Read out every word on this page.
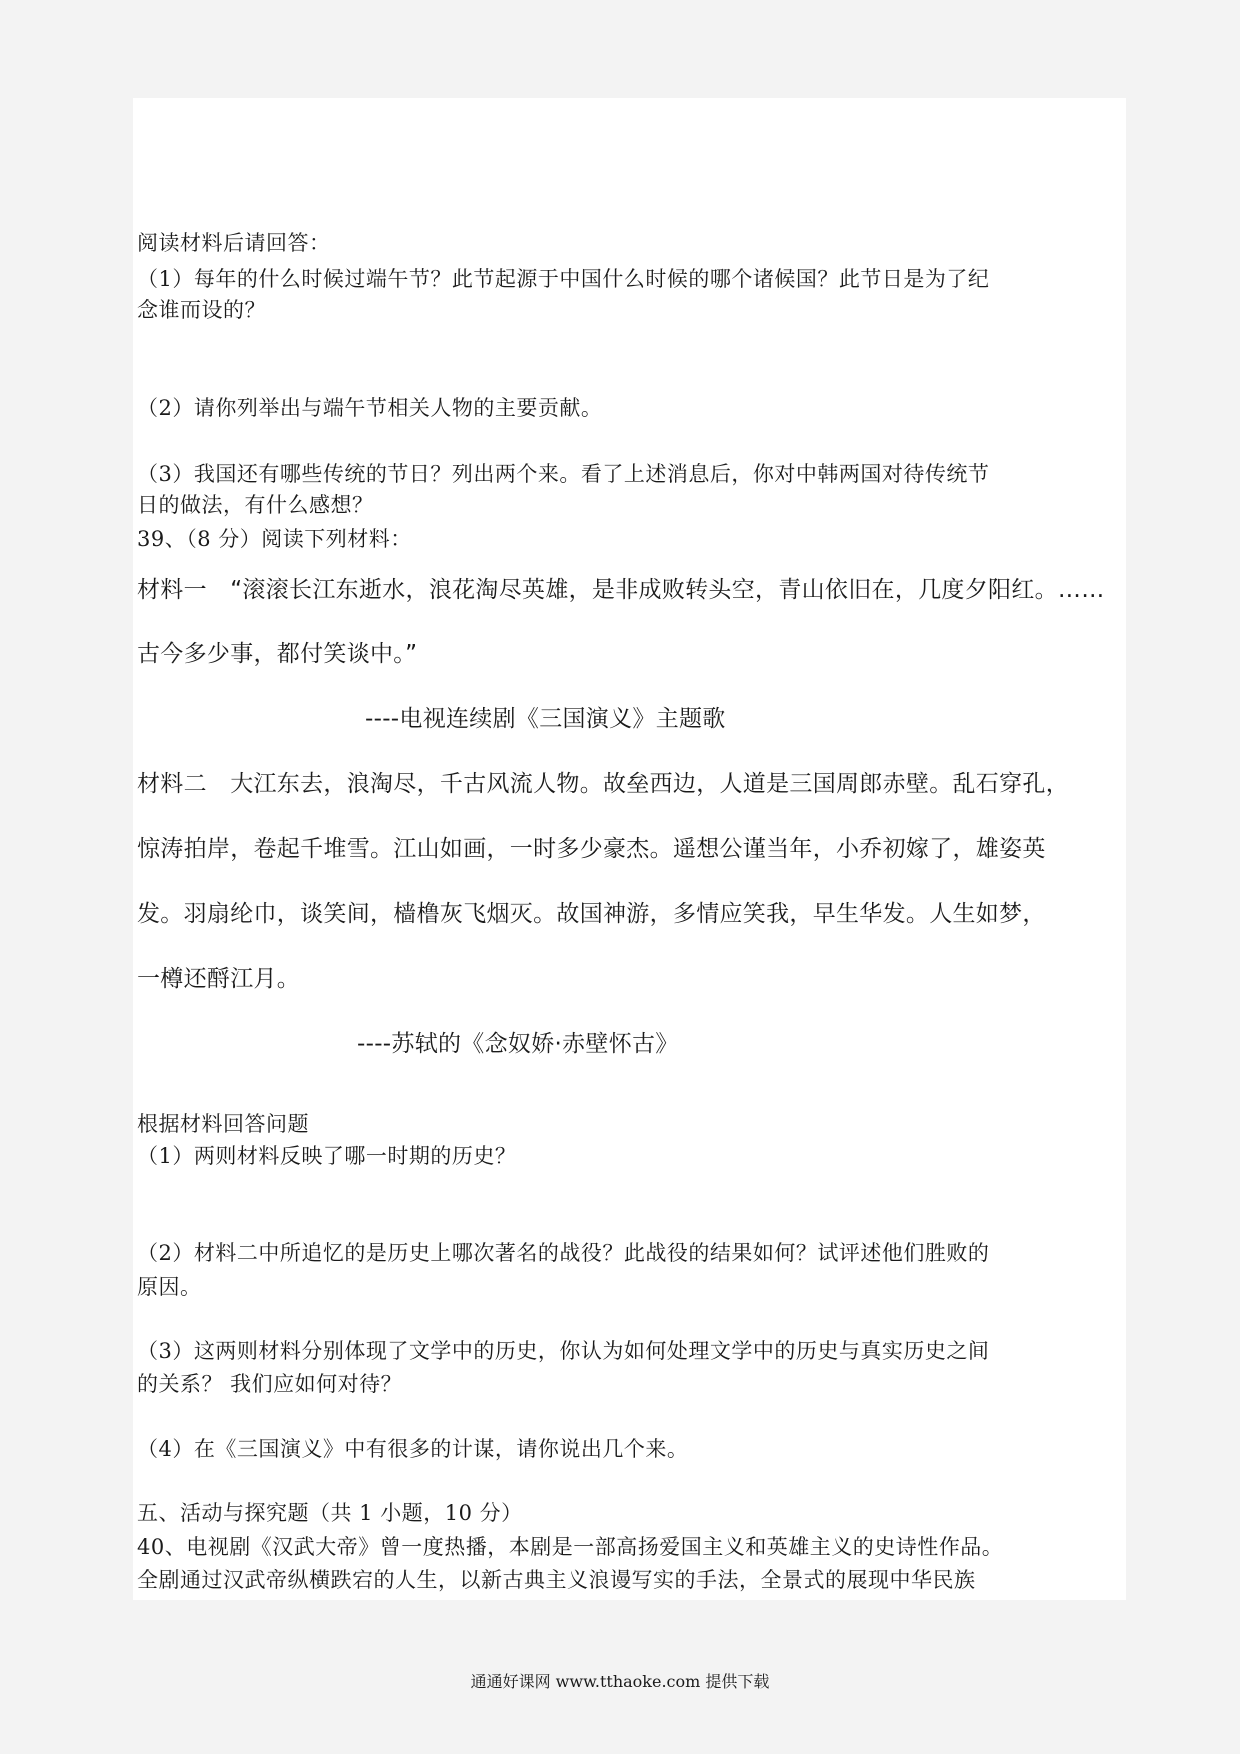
阅读材料后请回答：
（1）每年的什么时候过端午节？此节起源于中国什么时候的哪个诸候国？此节日是为了纪
念谁而设的？
（2）请你列举出与端午节相关人物的主要贡献。
（3）我国还有哪些传统的节日？列出两个来。看了上述消息后，你对中韩两国对待传统节
日的做法，有什么感想？
39、（8 分）阅读下列材料：
材料一　“滚滚长江东逝水，浪花淘尽英雄，是非成败转头空，青山依旧在，几度夕阳红。……
古今多少事，都付笑谈中。”
----电视连续剧《三国演义》主题歌
材料二　大江东去，浪淘尽，千古风流人物。故垒西边，人道是三国周郎赤壁。乱石穿孔，
惊涛拍岸，卷起千堆雪。江山如画，一时多少豪杰。遥想公谨当年，小乔初嫁了，雄姿英
发。羽扇纶巾，谈笑间，樯橹灰飞烟灭。故国神游，多情应笑我，早生华发。人生如梦，
一樽还酹江月。
----苏轼的《念奴娇·赤壁怀古》
根据材料回答问题
（1）两则材料反映了哪一时期的历史？
（2）材料二中所追忆的是历史上哪次著名的战役？此战役的结果如何？试评述他们胜败的
原因。
（3）这两则材料分别体现了文学中的历史，你认为如何处理文学中的历史与真实历史之间
的关系？ 我们应如何对待？
（4）在《三国演义》中有很多的计谋，请你说出几个来。
五、活动与探究题（共 1 小题，10 分）
40、电视剧《汉武大帝》曾一度热播，本剧是一部高扬爱国主义和英雄主义的史诗性作品。
全剧通过汉武帝纵横跌宕的人生，以新古典主义浪谩写实的手法，全景式的展现中华民族
通通好课网 www.tthaoke.com 提供下载
